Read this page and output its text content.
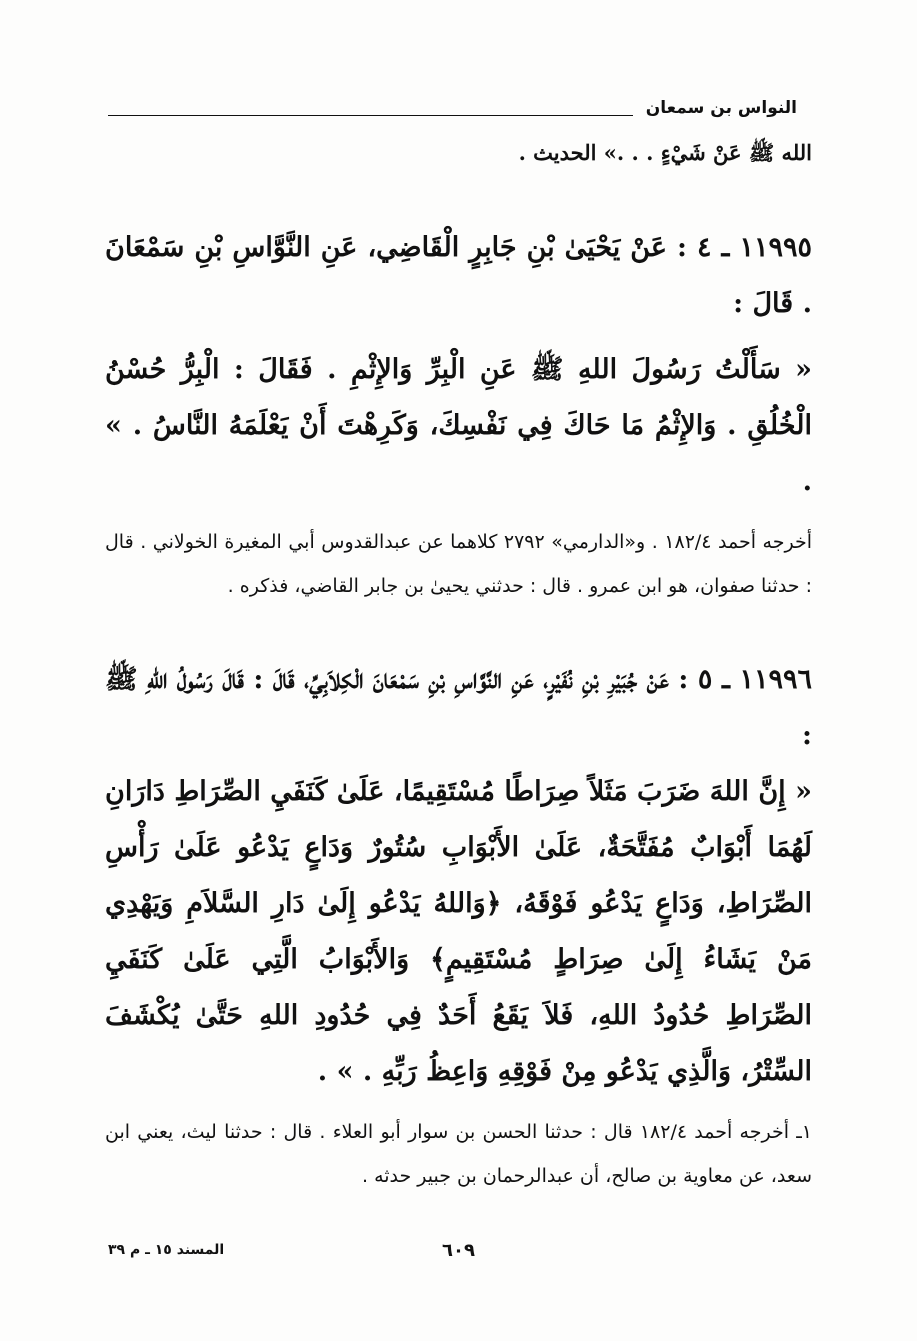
النواس بن سمعان

الله ﷺ عَنْ شَيْءٍ . . .» الحديث .

١١٩٩٥ ـ ٤ : عَنْ يَحْيَىٰ بْنِ جَابِرٍ الْقَاضِي، عَنِ النَّوَّاسِ بْنِ سَمْعَانَ . قَالَ :

« سَأَلْتُ رَسُولَ اللهِ ﷺ عَنِ الْبِرِّ وَالإِثْمِ . فَقَالَ : الْبِرُّ حُسْنُ الْخُلُقِ . وَالإِثْمُ مَا حَاكَ فِي نَفْسِكَ، وَكَرِهْتَ أَنْ يَعْلَمَهُ النَّاسُ . » .

أخرجه أحمد ١٨٢/٤ . و«الدارمي» ٢٧٩٢ كلاهما عن عبدالقدوس أبي المغيرة الخولاني . قال : حدثنا صفوان، هو ابن عمرو . قال : حدثني يحيىٰ بن جابر القاضي، فذكره .

١١٩٩٦ ـ ٥ : عَنْ جُبَيْرِ بْنِ نُفَيْرٍ، عَنِ النَّوَّاسِ بْنِ سَمْعَانَ الْكِلاَبِيِّ، قَالَ : قَالَ رَسُولُ اللهِ ﷺ :

« إِنَّ اللهَ ضَرَبَ مَثَلاً صِرَاطًا مُسْتَقِيمًا، عَلَىٰ كَنَفَيِ الصِّرَاطِ دَارَانِ لَهُمَا أَبْوَابٌ مُفَتَّحَةٌ، عَلَىٰ الأَبْوَابِ سُتُورٌ وَدَاعٍ يَدْعُو عَلَىٰ رَأْسِ الصِّرَاطِ، وَدَاعٍ يَدْعُو فَوْقَهُ، ﴿وَاللهُ يَدْعُو إِلَىٰ دَارِ السَّلاَمِ وَيَهْدِي مَنْ يَشَاءُ إِلَىٰ صِرَاطٍ مُسْتَقِيمٍ﴾ وَالأَبْوَابُ الَّتِي عَلَىٰ كَنَفَيِ الصِّرَاطِ حُدُودُ اللهِ، فَلاَ يَقَعُ أَحَدٌ فِي حُدُودِ اللهِ حَتَّىٰ يُكْشَفَ السِّتْرُ، وَالَّذِي يَدْعُو مِنْ فَوْقِهِ وَاعِظُ رَبِّهِ . » .

١ـ أخرجه أحمد ١٨٢/٤ قال : حدثنا الحسن بن سوار أبو العلاء . قال : حدثنا ليث، يعني ابن سعد، عن معاوية بن صالح، أن عبدالرحمان بن جبير حدثه .

٦٠٩
المسند ١٥ ـ م ٣٩
